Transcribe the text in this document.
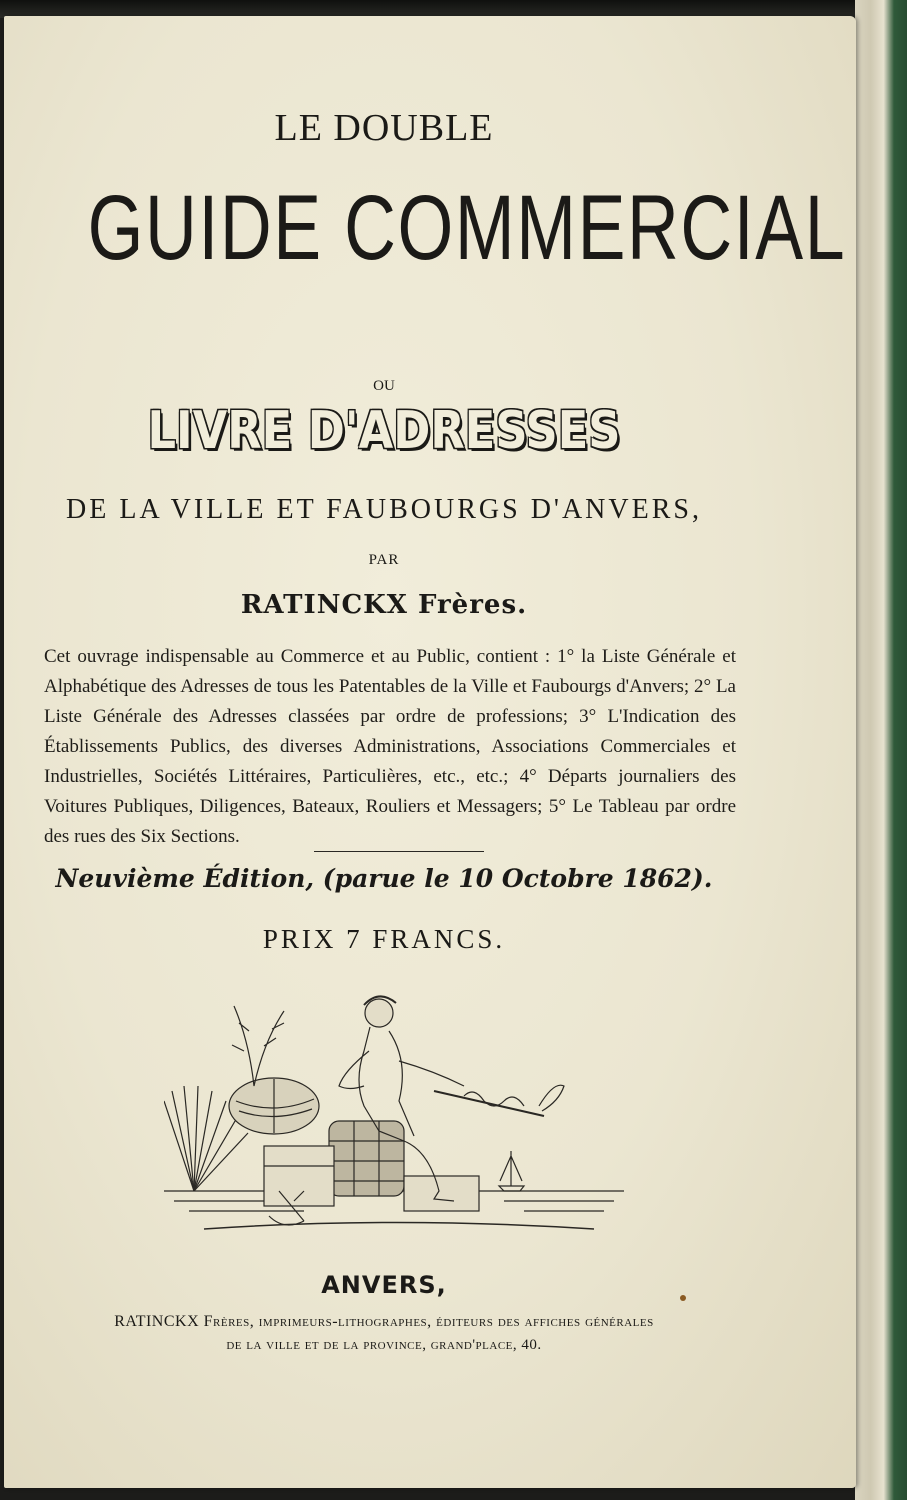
LE DOUBLE
GUIDE COMMERCIAL
OU
LIVRE D'ADRESSES
DE LA VILLE ET FAUBOURGS D'ANVERS,
PAR
RATINCKX Frères.
Cet ouvrage indispensable au Commerce et au Public, contient : 1° la Liste Générale et Alphabétique des Adresses de tous les Patentables de la Ville et Faubourgs d'Anvers; 2° La Liste Générale des Adresses classées par ordre de professions; 3° L'Indication des Établissements Publics, des diverses Administrations, Associations Commerciales et Industrielles, Sociétés Littéraires, Particulières, etc., etc.; 4° Départs journaliers des Voitures Publiques, Diligences, Bateaux, Rouliers et Messagers; 5° Le Tableau par ordre des rues des Six Sections.
Neuvième Édition, (parue le 10 Octobre 1862).
PRIX 7 FRANCS.
ANVERS,
RATINCKX Frères, imprimeurs-lithographes, éditeurs des affiches générales
de la ville et de la province, grand'place, 40.
